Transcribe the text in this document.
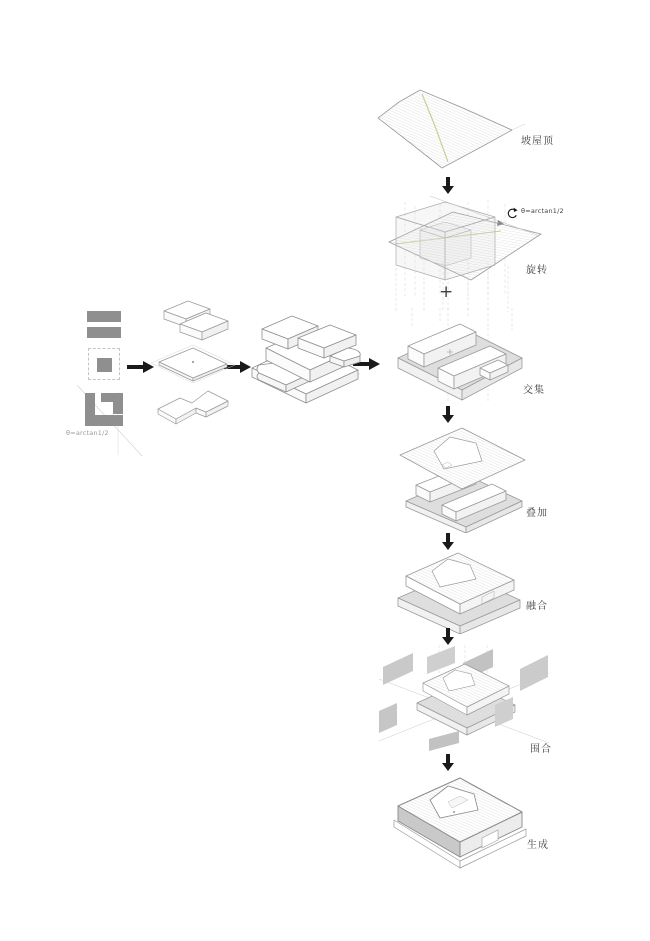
θ=arctan1/2
坡屋顶
θ=arctan1/2
旋转
+
交集
叠加
融合
围合
生成
